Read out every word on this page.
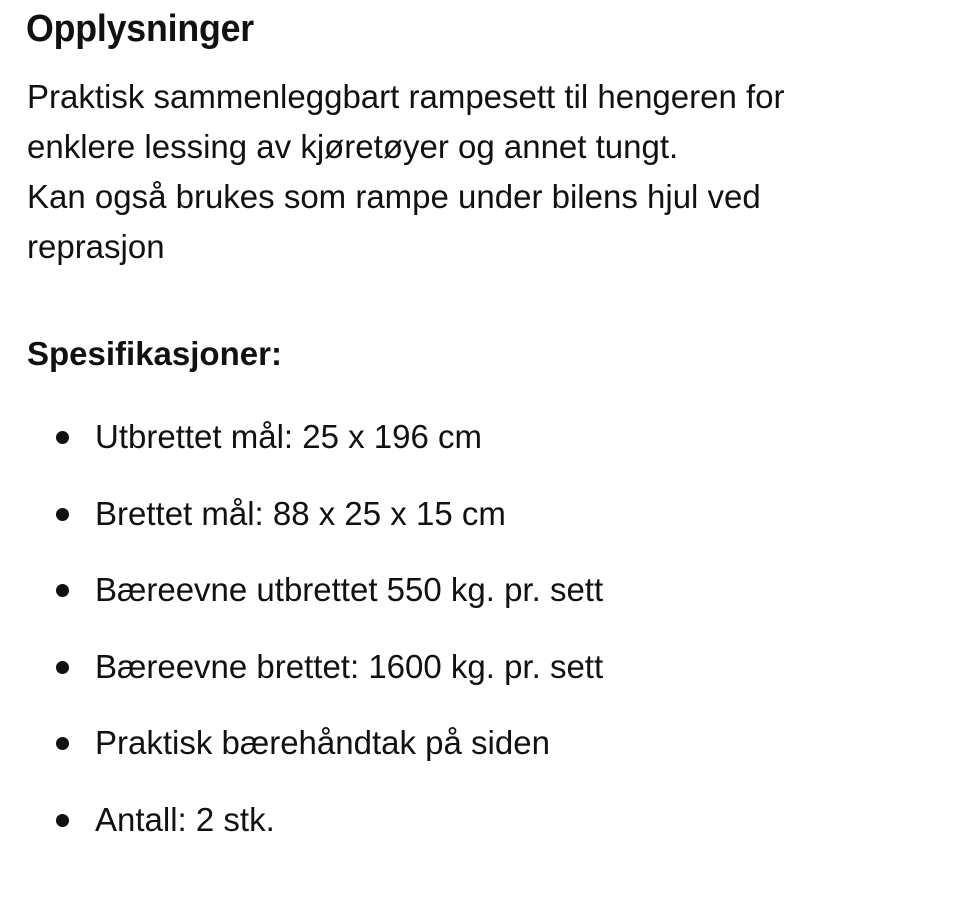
Opplysninger

Praktisk sammenleggbart rampesett til hengeren for
enklere lessing av kjøretøyer og annet tungt.
Kan også brukes som rampe under bilens hjul ved
reprasjon

Spesifikasjoner:
Utbrettet mål: 25 x 196 cm
Brettet mål: 88 x 25 x 15 cm
Bæreevne utbrettet 550 kg. pr. sett
Bæreevne brettet: 1600 kg. pr. sett
Praktisk bærehåndtak på siden
Antall: 2 stk.
